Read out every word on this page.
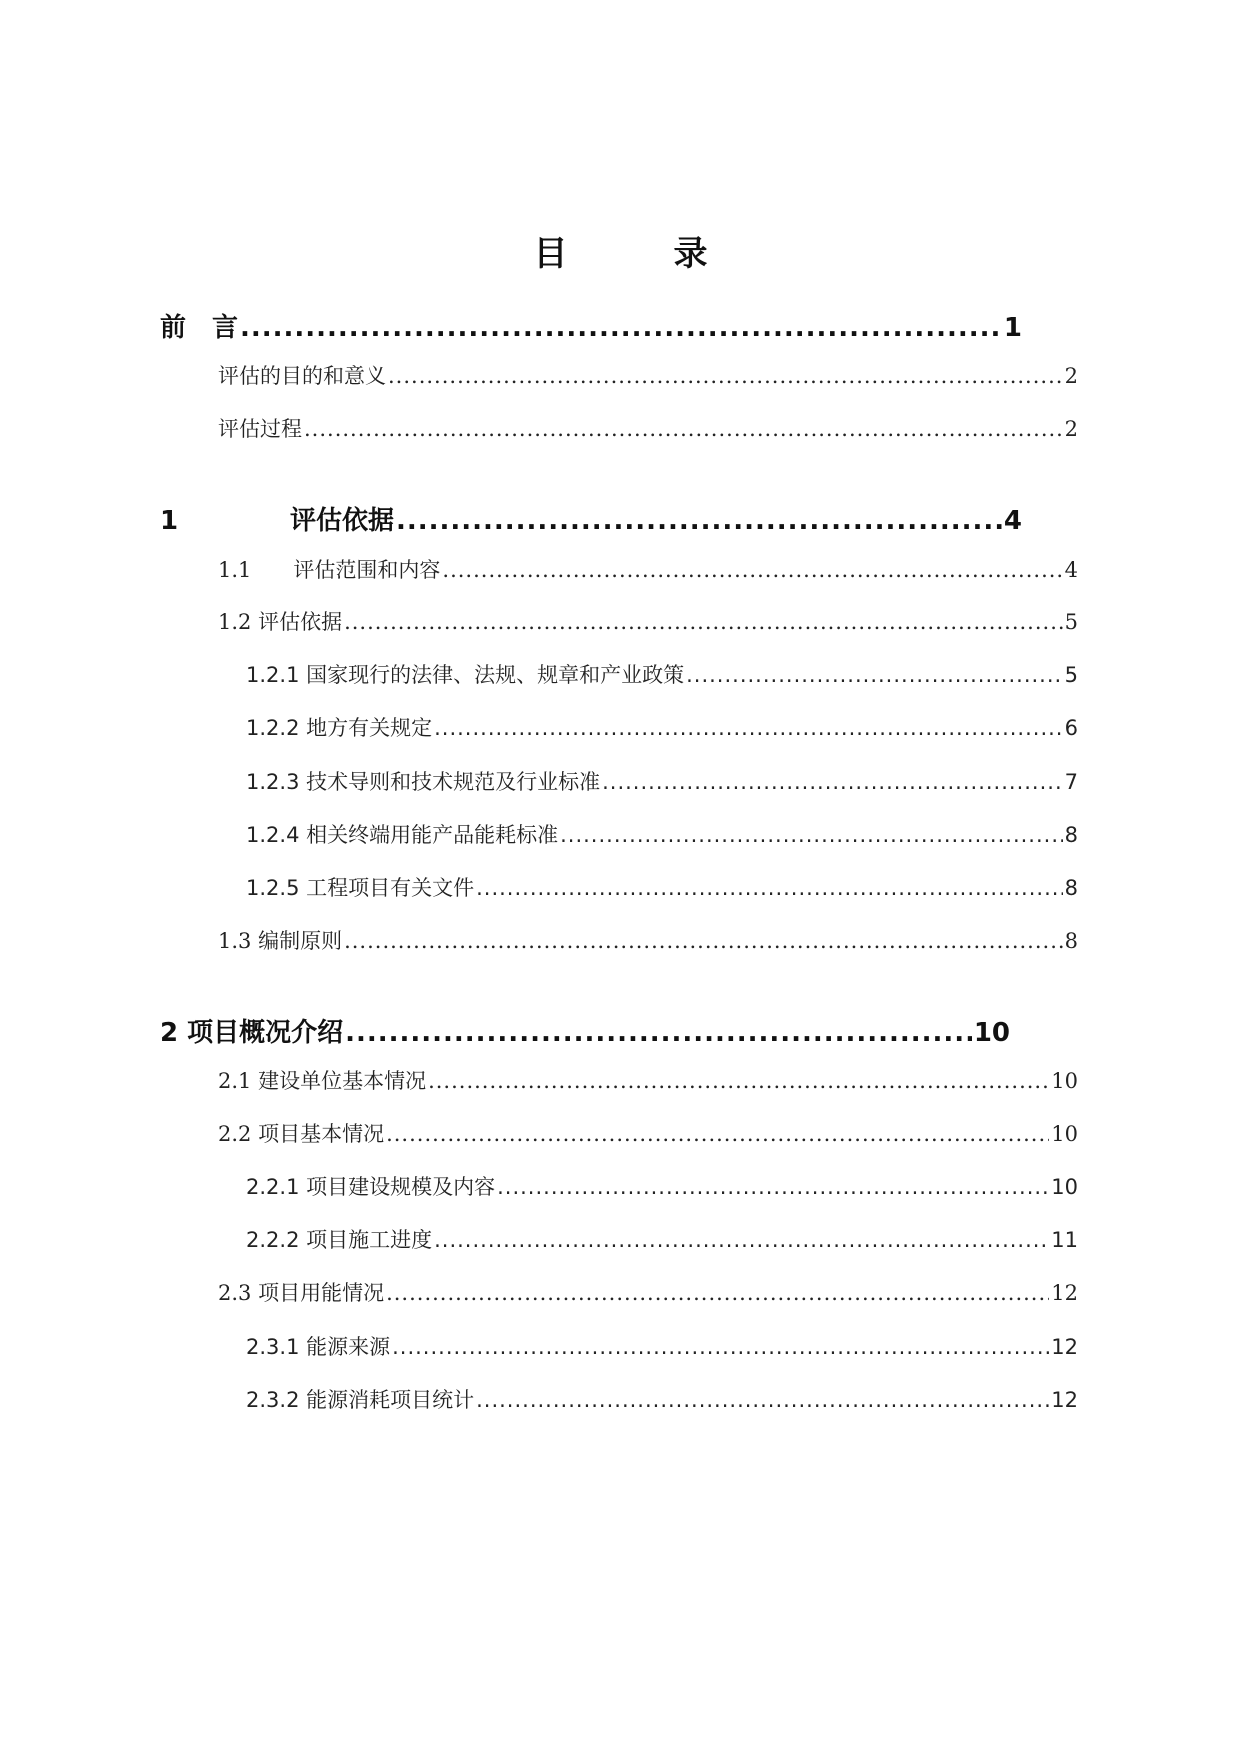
目　录
前　言 .....	1
评估的目的和意义 .....	2
评估过程 .....	2
1	评估依据 .....	4
1.1　　评估范围和内容 .....	4
1.2 评估依据 .....	5
1.2.1 国家现行的法律、法规、规章和产业政策 .....	5
1.2.2 地方有关规定 .....	6
1.2.3 技术导则和技术规范及行业标准 .....	7
1.2.4 相关终端用能产品能耗标准 .....	8
1.2.5 工程项目有关文件 .....	8
1.3 编制原则 .....	8
2 项目概况介绍 .....	10
2.1 建设单位基本情况 .....	10
2.2 项目基本情况 .....	10
2.2.1 项目建设规模及内容 .....	10
2.2.2 项目施工进度 .....	11
2.3 项目用能情况 .....	12
2.3.1 能源来源 .....	12
2.3.2 能源消耗项目统计 .....	12
